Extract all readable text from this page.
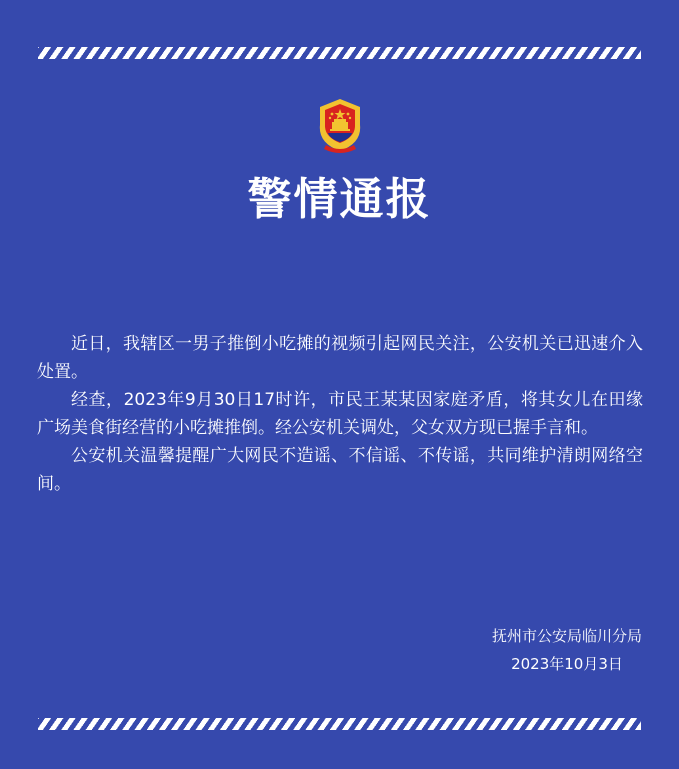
警情通报

近日，我辖区一男子推倒小吃摊的视频引起网民关注，公安机关已迅速介入处置。

经查，2023年9月30日17时许，市民王某某因家庭矛盾，将其女儿在田缘广场美食街经营的小吃摊推倒。经公安机关调处，父女双方现已握手言和。

公安机关温馨提醒广大网民不造谣、不信谣、不传谣，共同维护清朗网络空间。

抚州市公安局临川分局
2023年10月3日
